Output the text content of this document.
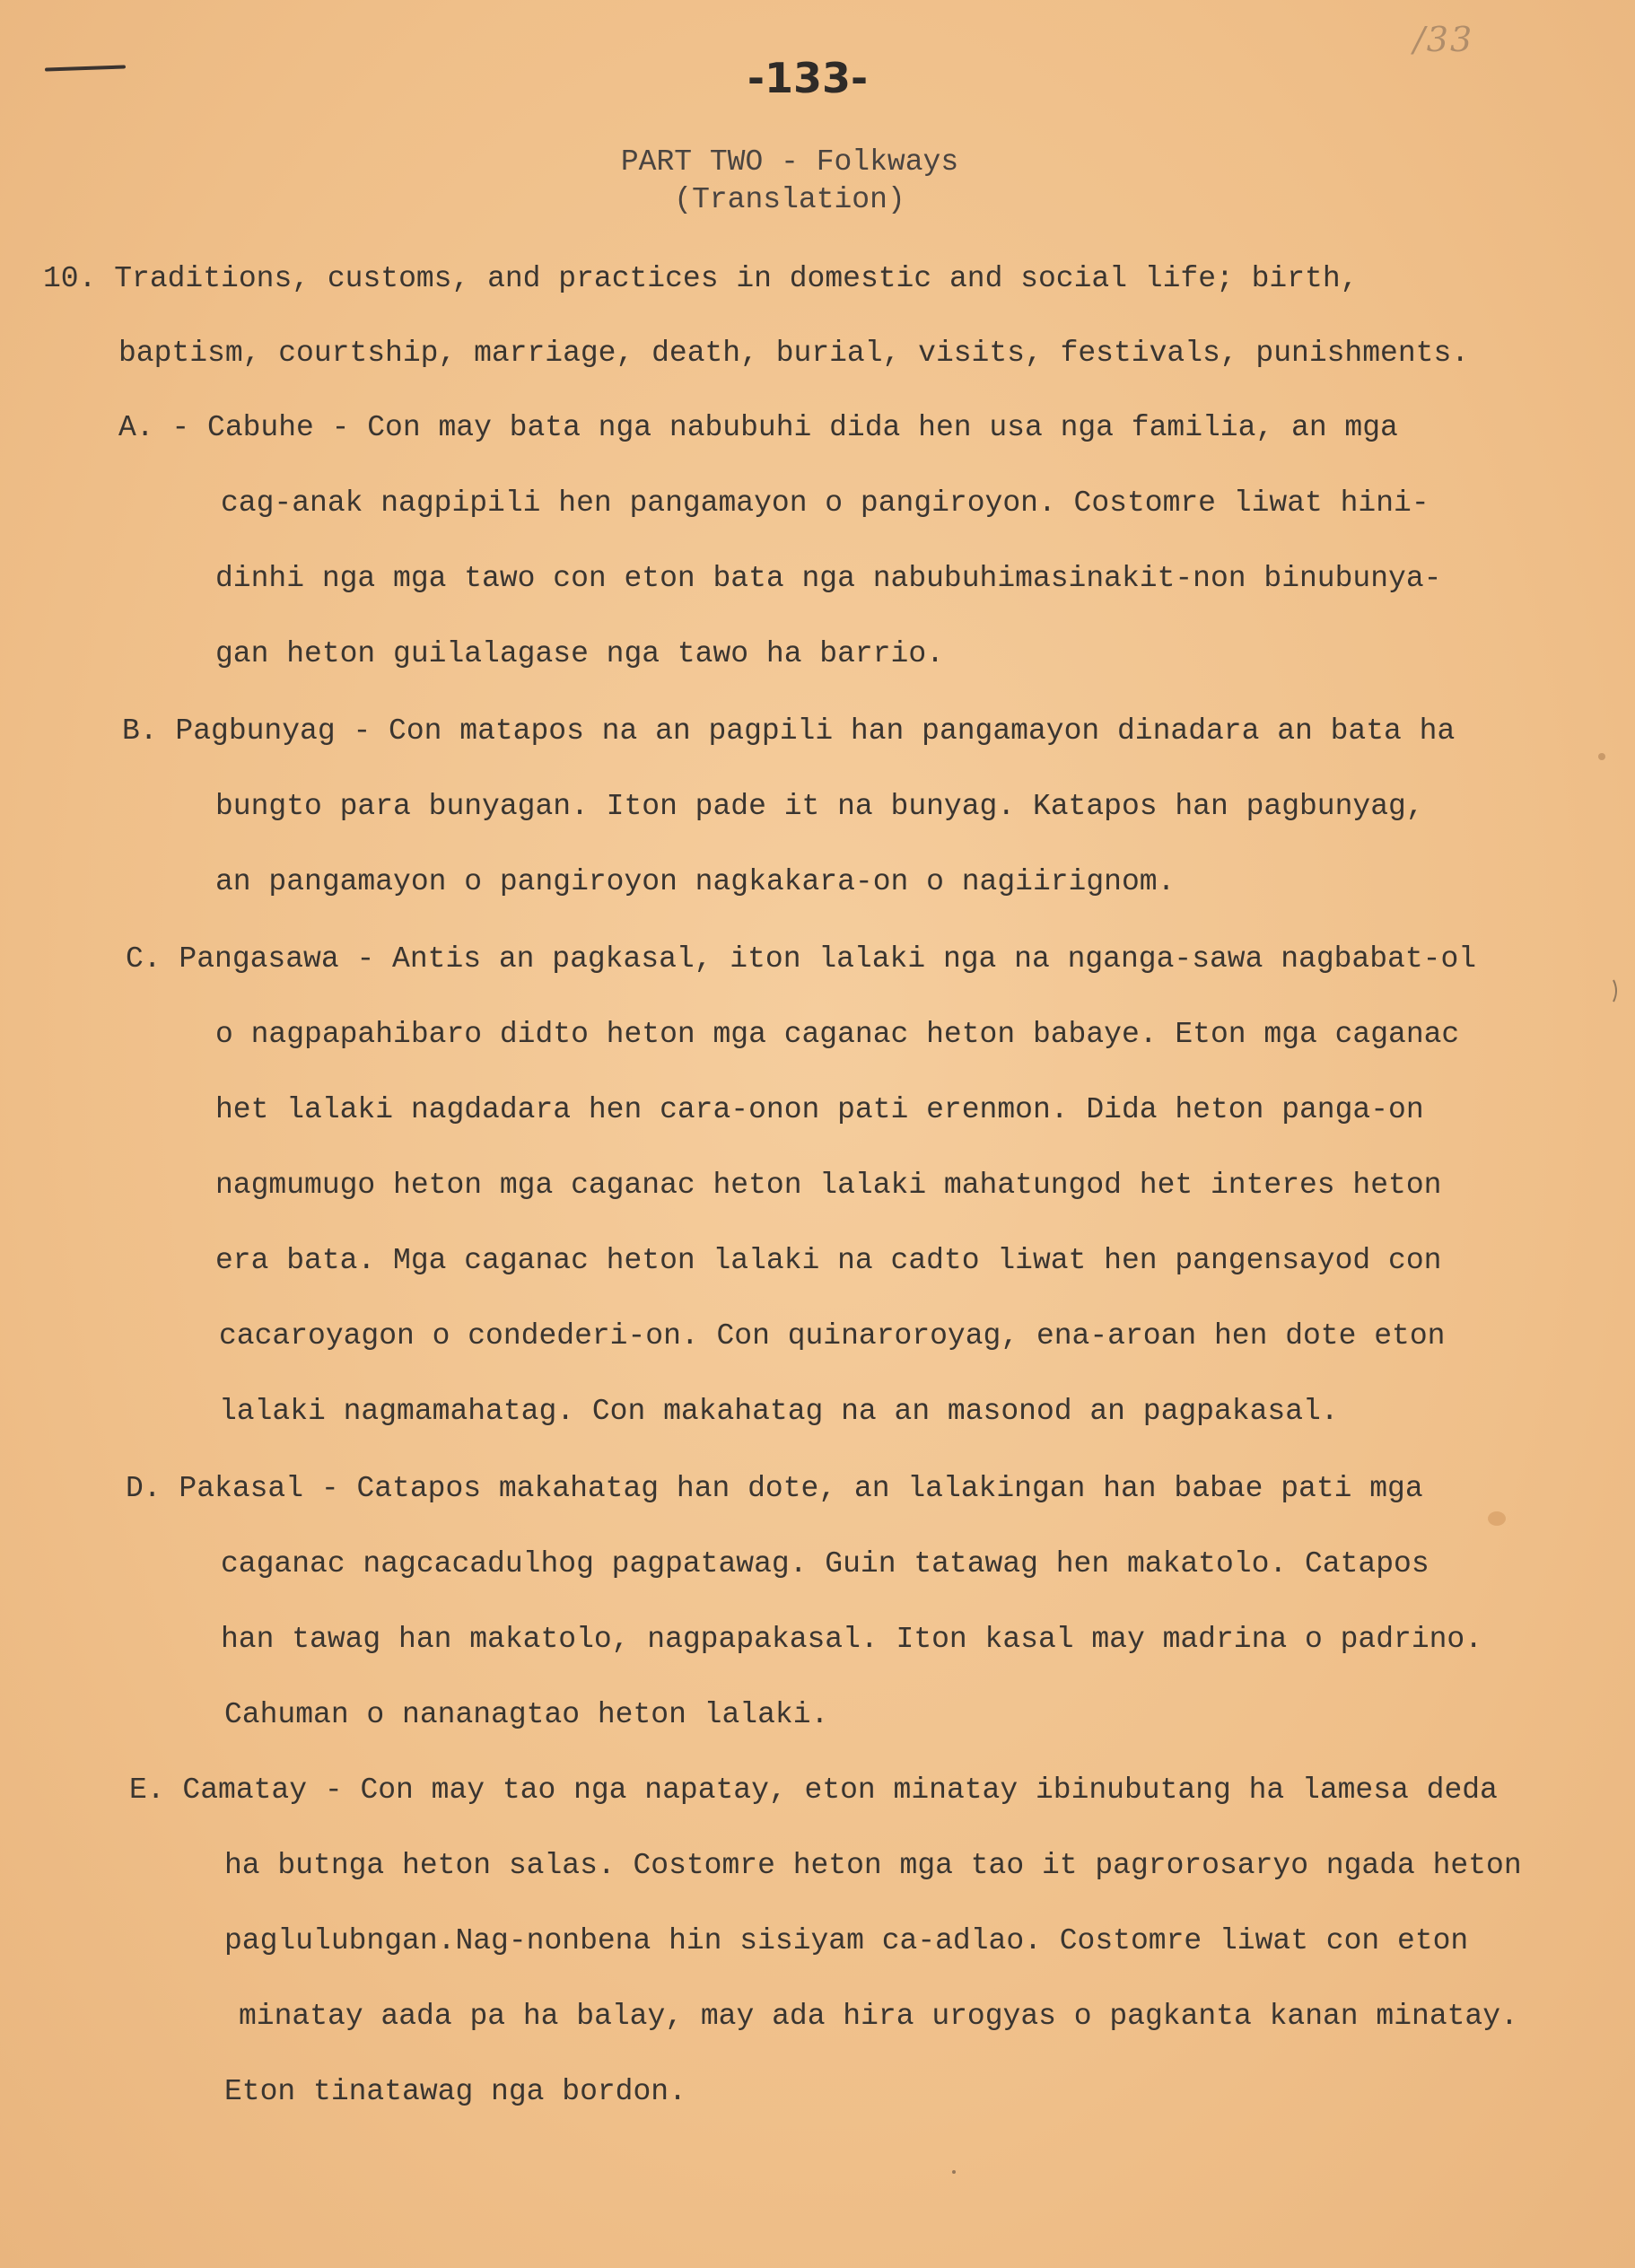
/33
-133-
PART TWO - Folkways
(Translation)
10. Traditions, customs, and practices in domestic and social life; birth,
baptism, courtship, marriage, death, burial, visits, festivals, punishments.
A. - Cabuhe - Con may bata nga nabubuhi dida hen usa nga familia, an mga
cag-anak nagpipili hen pangamayon o pangiroyon. Costomre liwat hini-
dinhi nga mga tawo con eton bata nga nabubuhimasinakit-non binubunya-
gan heton guilalagase nga tawo ha barrio.
B. Pagbunyag - Con matapos na an pagpili han pangamayon dinadara an bata ha
bungto para bunyagan. Iton pade it na bunyag. Katapos han pagbunyag,
an pangamayon o pangiroyon nagkakara-on o nagiirignom.
C. Pangasawa - Antis an pagkasal, iton lalaki nga na nganga-sawa nagbabat-ol
o nagpapahibaro didto heton mga caganac heton babaye. Eton mga caganac
het lalaki nagdadara hen cara-onon pati erenmon. Dida heton panga-on
nagmumugo heton mga caganac heton lalaki mahatungod het interes heton
era bata. Mga caganac heton lalaki na cadto liwat hen pangensayod con
cacaroyagon o condederi-on. Con quinaroroyag, ena-aroan hen dote eton
lalaki nagmamahatag. Con makahatag na an masonod an pagpakasal.
D. Pakasal - Catapos makahatag han dote, an lalakingan han babae pati mga
caganac nagcacadulhog pagpatawag. Guin tatawag hen makatolo. Catapos
han tawag han makatolo, nagpapakasal. Iton kasal may madrina o padrino.
Cahuman o nananagtao heton lalaki.
E. Camatay - Con may tao nga napatay, eton minatay ibinubutang ha lamesa deda
ha butnga heton salas. Costomre heton mga tao it pagrorosaryo ngada heton
paglulubngan.Nag-nonbena hin sisiyam ca-adlao. Costomre liwat con eton
minatay aada pa ha balay, may ada hira urogyas o pagkanta kanan minatay.
Eton tinatawag nga bordon.
